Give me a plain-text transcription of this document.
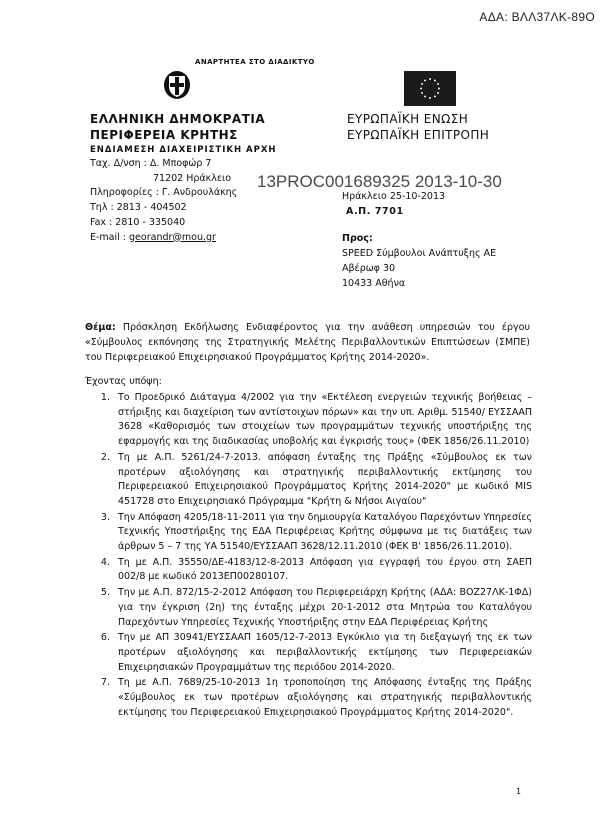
ΑΔΑ: ΒΛΛ37ΛΚ-89Ο
ΑΝΑΡΤΗΤΕΑ ΣΤΟ ΔΙΑΔΙΚΤΥΟ
ΕΛΛΗΝΙΚΗ ΔΗΜΟΚΡΑΤΙΑ
ΠΕΡΙΦΕΡΕΙΑ ΚΡΗΤΗΣ
ΕΝΔΙΑΜΕΣΗ ΔΙΑΧΕΙΡΙΣΤΙΚΗ ΑΡΧΗ
Ταχ. Δ/νση : Δ. Μποφώρ 7
71202 Ηράκλειο
Πληροφορίες : Γ. Ανδρουλάκης
Τηλ : 2813 - 404502
Fax : 2810 - 335040
E-mail : georandr@mou.gr
ΕΥΡΩΠΑΪΚΗ ΕΝΩΣΗ
ΕΥΡΩΠΑΪΚΗ ΕΠΙΤΡΟΠΗ
13PROC001689325 2013-10-30
Ηράκλειο 25-10-2013
Α.Π. 7701
Προς:
SPEED Σύμβουλοι Ανάπτυξης ΑΕ
Αβέρωφ 30
10433 Αθήνα
Θέμα: Πρόσκληση Εκδήλωσης Ενδιαφέροντος για την ανάθεση υπηρεσιών του έργου «Σύμβουλος εκπόνησης της Στρατηγικής Μελέτης Περιβαλλοντικών Επιπτώσεων (ΣΜΠΕ) του Περιφερειακού Επιχειρησιακού Προγράμματος Κρήτης 2014-2020».
Έχοντας υπόψη:
1. Το Προεδρικό Διάταγμα 4/2002 για την «Εκτέλεση ενεργειών τεχνικής βοήθειας – στήριξης και διαχείριση των αντίστοιχων πόρων» και την υπ. Αριθμ. 51540/ ΕΥΣΣΑΑΠ 3628 «Καθορισμός των στοιχείων των προγραμμάτων τεχνικής υποστήριξης της εφαρμογής και της διαδικασίας υποβολής και έγκρισής τους» (ΦΕΚ 1856/26.11.2010)
2. Τη με Α.Π. 5261/24-7-2013. απόφαση ένταξης της Πράξης «Σύμβουλος εκ των προτέρων αξιολόγησης και στρατηγικής περιβαλλοντικής εκτίμησης του Περιφερειακού Επιχειρησιακού Προγράμματος Κρήτης 2014-2020" με κωδικό MIS 451728 στο Επιχειρησιακό Πρόγραμμα "Κρήτη & Νήσοι Αιγαίου"
3. Την Απόφαση 4205/18-11-2011 για την δημιουργία Καταλόγου Παρεχόντων Υπηρεσίες Τεχνικής Υποστήριξης της ΕΔΑ Περιφέρειας Κρήτης σύμφωνα με τις διατάξεις των άρθρων 5 – 7 της ΥΑ 51540/ΕΥΣΣΑΑΠ 3628/12.11.2010 (ΦΕΚ Β' 1856/26.11.2010).
4. Τη με Α.Π. 35550/ΔΕ-4183/12-8-2013 Απόφαση για εγγραφή του έργου στη ΣΑΕΠ 002/8 με κωδικό 2013ΕΠ00280107.
5. Την με Α.Π. 872/15-2-2012 Απόφαση του Περιφερειάρχη Κρήτης (ΑΔΑ: ΒΟΖ27ΛΚ-1ΦΔ) για την έγκριση (2η) της ένταξης μέχρι 20-1-2012 στα Μητρώα του Καταλόγου Παρεχόντων Υπηρεσίες Τεχνικής Υποστήριξης στην ΕΔΑ Περιφέρειας Κρήτης
6. Την με ΑΠ 30941/ΕΥΣΣΑΑΠ 1605/12-7-2013 Εγκύκλιο για τη διεξαγωγή της εκ των προτέρων αξιολόγησης και περιβαλλοντικής εκτίμησης των Περιφερειακών Επιχειρησιακών Προγραμμάτων της περιόδου 2014-2020.
7. Τη με Α.Π. 7689/25-10-2013 1η τροποποίηση της Απόφασης ένταξης της Πράξης «Σύμβουλος εκ των προτέρων αξιολόγησης και στρατηγικής περιβαλλοντικής εκτίμησης του Περιφερειακού Επιχειρησιακού Προγράμματος Κρήτης 2014-2020".
1
